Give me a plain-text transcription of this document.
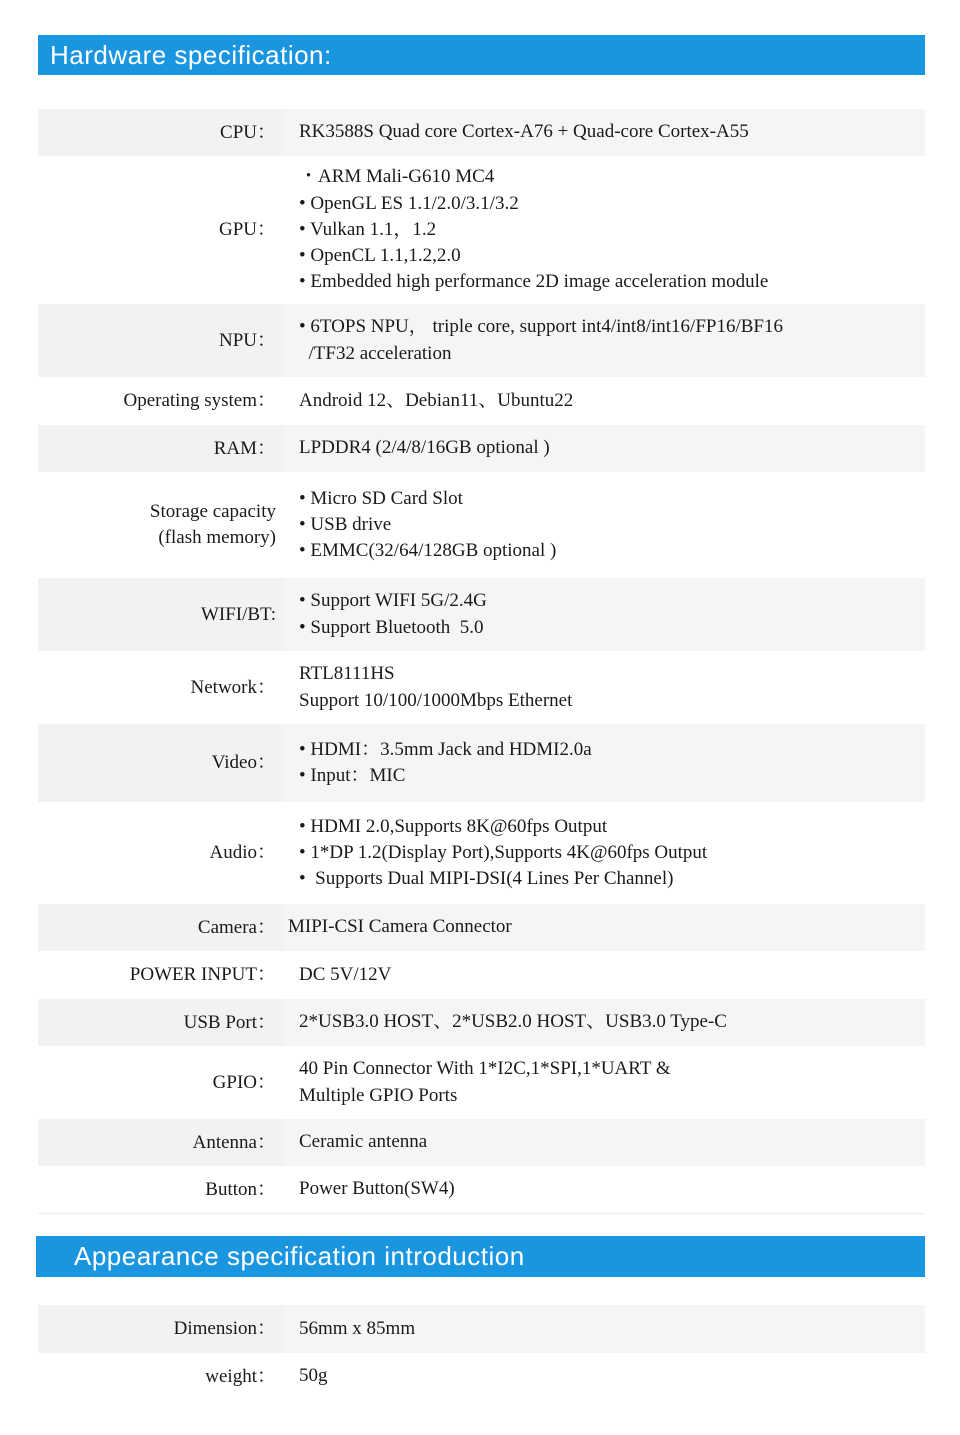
Hardware specification:
CPU： RK3588S Quad core Cortex-A76 + Quad-core Cortex-A55
GPU：
・ARM Mali-G610 MC4
• OpenGL ES 1.1/2.0/3.1/3.2
• Vulkan 1.1，1.2
• OpenCL 1.1,1.2,2.0
• Embedded high performance 2D image acceleration module
NPU：
• 6TOPS NPU， triple core, support int4/int8/int16/FP16/BF16
/TF32 acceleration
Operating system： Android 12、Debian11、Ubuntu22
RAM： LPDDR4 (2/4/8/16GB optional )
Storage capacity
(flash memory)
• Micro SD Card Slot
• USB drive
• EMMC(32/64/128GB optional )
WIFI/BT:
• Support WIFI 5G/2.4G
• Support Bluetooth  5.0
Network：
RTL8111HS
Support 10/100/1000Mbps Ethernet
Video：
• HDMI：3.5mm Jack and HDMI2.0a
• Input：MIC
Audio：
• HDMI 2.0,Supports 8K@60fps Output
• 1*DP 1.2(Display Port),Supports 4K@60fps Output
•  Supports Dual MIPI-DSI(4 Lines Per Channel)
Camera： MIPI-CSI Camera Connector
POWER INPUT： DC 5V/12V
USB Port： 2*USB3.0 HOST、2*USB2.0 HOST、USB3.0 Type-C
GPIO：
40 Pin Connector With 1*I2C,1*SPI,1*UART &
Multiple GPIO Ports
Antenna： Ceramic antenna
Button： Power Button(SW4)
Appearance specification introduction
Dimension： 56mm x 85mm
weight： 50g
